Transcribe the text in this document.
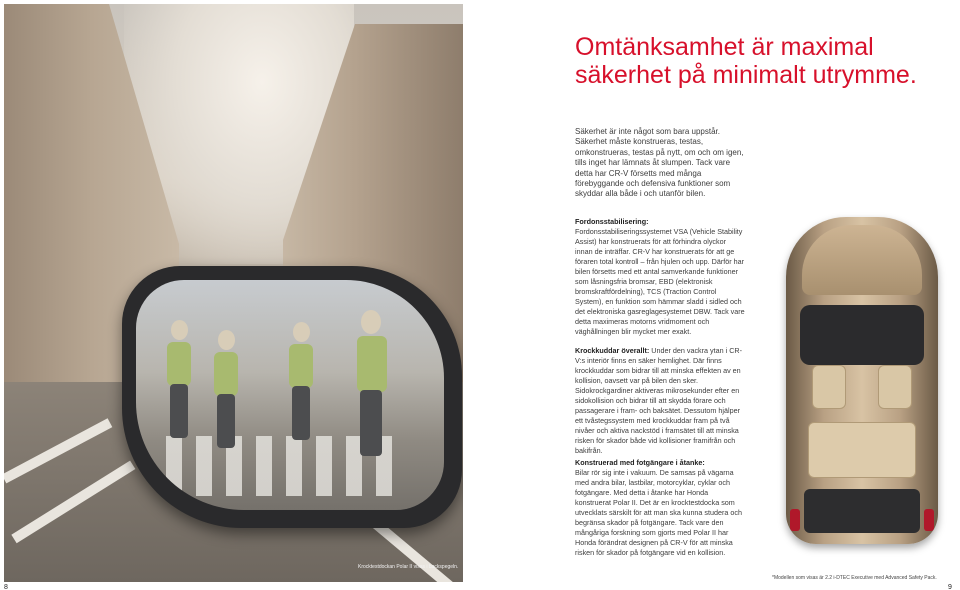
Krocktestdockan Polar II visas i backspegeln.
8
Omtänksamhet är maximal säkerhet på minimalt utrymme.

Säkerhet är inte något som bara uppstår. Säkerhet måste konstrueras, testas, omkonstrueras, testas på nytt, om och om igen, tills inget har lämnats åt slumpen. Tack vare detta har CR-V försetts med många förebyggande och defensiva funktioner som skyddar alla både i och utanför bilen.

Fordonsstabilisering:
Fordonsstabiliseringssystemet VSA (Vehicle Stability Assist) har konstruerats för att förhindra olyckor innan de inträffar. CR-V har konstruerats för att ge föraren total kontroll – från hjulen och upp. Därför har bilen försetts med ett antal samverkande funktioner som låsningsfria bromsar, EBD (elektronisk bromskraftfördelning), TCS (Traction Control System), en funktion som hämmar sladd i sidled och det elektroniska gasreglagesystemet DBW. Tack vare detta maximeras motorns vridmoment och väghållningen blir mycket mer exakt.
Krockkuddar överallt: Under den vackra ytan i CR-V:s interiör finns en säker hemlighet. Där finns krockkuddar som bidrar till att minska effekten av en kollision, oavsett var på bilen den sker. Sidokrockgardiner aktiveras mikrosekunder efter en sidokollision och bidrar till att skydda förare och passagerare i fram- och baksätet. Dessutom hjälper ett tvåstegssystem med krockkuddar fram på två nivåer och aktiva nackstöd i framsätet till att minska risken för skador både vid kollisioner framifrån och bakifrån.
Konstruerad med fotgängare i åtanke:
Bilar rör sig inte i vakuum. De samsas på vägarna med andra bilar, lastbilar, motorcyklar, cyklar och fotgängare. Med detta i åtanke har Honda konstruerat Polar II. Det är en krocktestdocka som utvecklats särskilt för att man ska kunna studera och begränsa skador på fotgängare. Tack vare den mångåriga forskning som gjorts med Polar II har Honda förändrat designen på CR-V för att minska risken för skador på fotgängare vid en kollision.
*Modellen som visas är 2.2 i-DTEC Executive med Advanced Safety Pack.
9
